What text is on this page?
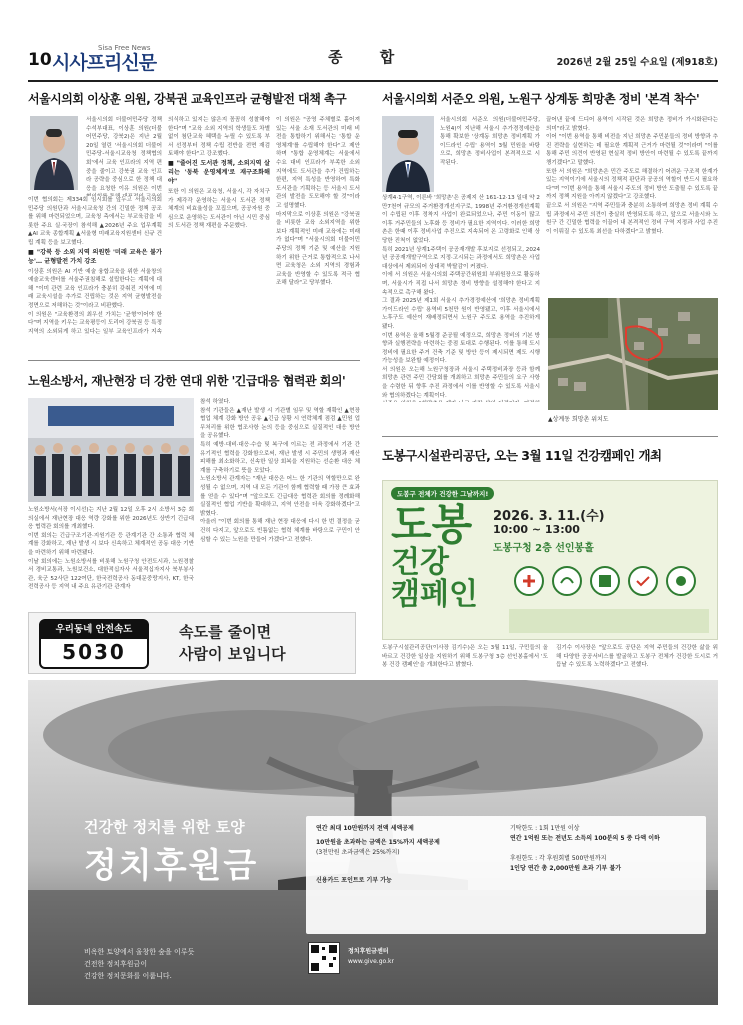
10 시사프리신문
Sisa Free News	종 합	2026년 2월 25일 수요일 (제918호)
서울시의회 이상훈 의원, 강북권 교육인프라 균형발전 대책 촉구
서울시의회 더불어민주당 정책수석부대표, 이상훈 의원(더불어민주당, 강북2)은 지난 2월 20일 열린 '서울시의회 더불어민주당-서울시교육청 정책협의회'에서 교육 인프라의 지역 편중을 줄이고 강북권 교육 인프라 공략을 중심으로 한 정책 대응을 요청한 이유 의원은 이번

이번 협의회는 제334회 임시회를 앞두고 서울시의회 민주당 의원단과 서울시교육청 간의 긴밀한 정책 공조를 위해 마련되었으며, 교육청 측에서는 부교육감을 비롯한 주요 실·국장이 참석해 ▲2026년 주요 업무계획 ▲AI 교육 종합계획 ▲서울형 미래교육지원센터 신규 건립 계획 등을 보고했다.

■ "강북 등 소외 지역 의원한 '미래 교육은 불가능'… 균형발전 가치 강조

이상훈 의원은 AI 기반 예술 융합교육을 위한 서울창의예술교육센터를 서울주권침해로 설립한다는 계획에 대해 "이미 관련 교육 인프라가 충분히 갖춰진 지역에 미래 교육시설을 추가로 건립하는 것은 지역 균형발전을 정면으로 저해하는 것"이라고 비판했다.

이 의원은 "교육환경의 최우선 가치는 '균형'이어야 한다"며 지역을 키우는 교육평등이 도리어 강북권 등 특정 지역의 소외되게 하고 있다는 일부 교육인프라가 지속

의식하고 있지는 않은지 꼼꼼히 성찰해야 한다"며 "교육 소외 지역의 학생들도 차별없이 첨단교육 혜택을 누릴 수 있도록 부서 선정부터 정책 수립 전반을 전면 재검토해야 한다"고 강조했다.

■ "줄어진 도서관 정책, 소외지역 살리는 '동북 운영체계'로 재구조화해야"

또한 이 의원은 교육청, 서울시, 각 자치구가 제각각 운영하는 서울시 도서관 정책 체계의 비효율성을 꼬집으며, 공공자원 중심으로 운영하는 도서관이 아닌 시민 중심의 도서관 정책 재편을 주문했다.

이 의원은 "공영 주체별로 흩어져 있는 서울 소재 도서관의 미래 비전을 통합하기 위해서는 '통합 운영체계'를 수립해야 한다"고 제안하며 "통합 운영체계는 서울에서 수요 대비 인프라가 부족한 소외 지역에도 도서관을 추가 건립하는 한편, 지역 특성을 반영하여 특화 도서관을 기획하는 등 서울시 도서관의 발전을 도모해야 할 것"이라고 설명했다.

마지막으로 이상훈 의원은 "강북권을 비롯한 교육 소외지역을 위한 보다 계획적인 미래 교육에는 미래가 없다"며 "서울시의회 더불어민주당의 정책 기준 및 예산을 지원하기 위한 근거로 통합적으로 나서면 교육청은 소외 지역의 경험과 교육을 반영할 수 있도록 적극 협조해 달라"고 당부했다.

서울시의회 서준오 의원, 노원구 상계동 희망촌 정비 '본격 착수'
서울시의회 서준오 의원(더불어민주당, 노원4)이 지난해 서울시 추가경정예산을 통해 확보한 '상계동 희망촌 정비계획 가이드라인 수립' 용역이 3월 민원을 바탕으로, 희망촌 정비사업이 본격적으로 시작된다.

상계4·1구역, 이른바 '희망촌'은 공제지 산 161-12·13 일대 약 2만7천여 규모의 주거환경개선지구로, 1998년 주거환경개선계획이 수립된 이후 정착지 사업이 완료되었으나, 주민 이동이 많고 이후 거주민들의 노후화 등 정비가 필요한 지역이다. 이러한 희망촌은 한때 이후 정비사업 추진으로 지속되어 온 고령화로 인해 상당한 진척이 없었다.

특히 2021년 상계1주택이 공공재개발 후보지로 선정되고, 2024년 공공재개발구역으로 지정·고시되는 과정에서도 희망촌은 사업 대상에서 제외되어 상대적 박탈감이 커졌다.

이에 서 의원은 서울시의회 주택공간위원회 부위원장으로 활동하며, 서울시가 직접 나서 희망촌 정비 방향을 설정해야 한다고 지속적으로 촉구해 왔다.

그 결과 2025년 제1회 서울시 추가경정예산에 '희망촌 정비계획 가이드라인 수립' 용역비 5천만 원이 반영됐고, 이후 서울시에서 노후구도 예산이 재배정되면서 노원구 주도로 용역을 추진하게 됐다.

이번 용역은 올해 5월경 준공될 예정으로, 희망촌 정비의 기본 방향과 실행전략을 마련하는 중점 토대로 수행된다. 이를 통해 도시정비에 필요한 주거 건축 기준 및 방안 등이 제시되면 제도 시행 가능성을 보완할 예정이다.

서 의원은 오는해 노원구청장과 서울시 주택정비과장 등과 함께 희망촌 관련 주민 간담회를 개최하고 희망촌 주민들의 요구 사항을 수렴한 뒤 향후 추진 과정에서 이를 반영할 수 있도록 서울시와 협의하겠다는 계획이다.

끌어낸 끝에 드디어 용역이 시작된 것은 희망촌 정비가 가시화된다는 의미"라고 밝혔다.

이어 "이번 용역을 통해 비전을 지닌 희망촌 주민분들의 정비 방향과 추진 전략을 실현하는 데 필요한 계획적 근거가 마련될 것"이라며 "이를 통해 주민 의견이 반영된 현실적 정비 방안이 마련될 수 있도록 끝까지 챙기겠다"고 말했다.

또한 서 의원은 "희망촌은 민간 주도로 해결하기 어려운 구조적 한계가 있는 지역이기에 서울시의 정책적 판단과 공공의 역할이 반드시 필요하다"며 "이번 용역을 통해 서울시 주도의 정비 방안 도출될 수 있도록 끝까지 정책 지원을 아끼지 않겠다"고 강조했다.

끝으로 서 의원은 "지역 주민들과 충분히 소통하며 희망촌 정비 계획 수립 과정에서 주민 의견이 충실히 반영되도록 하고, 앞으로 서울시와 노원구 간 긴밀한 협력을 이끌어 내 본격적인 정비 구역 지정과 사업 추진이 이뤄질 수 있도록 최선을 다하겠다"고 밝혔다.

▲상계동 희망촌 위치도
노원소방서, 재난현장 더 강한 연대 위한 '긴급대응 협력관 회의'

노원소방서(서장 이시선)는 지난 2월 12일 오후 2시 소방서 3층 회의실에서 재난현장 대응 역량 강화를 위한 2026년도 상반기 긴급대응 협력관 회의를 개최했다.

이번 회의는 긴급구조기관·지원기관 등 관계기관 간 소통과 협력 체계를 강화하고, 재난 발생 시 보다 신속하고 체계적인 공동 대응 기반을 마련하기 위해 마련됐다.

이날 회의에는 노원소방서를 비롯해 노원구청 안전도시과, 노원경찰서 경비교통과, 노원보건소, 대한적십자사 서울적십자지사 북부봉사관, 육군 52사단 122여단, 한국전력공사 동대문중랑지사, KT, 한국전력공사 등 지역 내 주요 유관기관 관계자

참석 하였다.

참석 기관들은 ▲재난 발생 시 기관별 임무 및 역할 재확인 ▲현장 협업 체계 강화 방안 공유 ▲긴급 상황 시 연락체계 점검 ▲민원 업무처리를 위한 협조사항 논의 등을 중심으로 실질적인 대응 방안을 공유했다.

특히 예방·대비·대응·수습 및 복구에 이르는 전 과정에서 기관 간 유기적인 협력을 강화함으로써, 재난 발생 시 주민의 생명과 재산 피해를 최소화하고, 신속한 일상 회복을 지원하는 선순환 대응 체계를 구축하기로 뜻을 모았다.

노원소방서 관계자는 "재난 대응은 어느 한 기관의 역할만으로 완성될 수 없으며, 지역 내 모든 기관이 함께 협력할 때 가장 큰 효과를 얻을 수 있다"며 "앞으로도 긴급대응 협력관 회의를 정례화해 실질적인 협업 기반을 확대하고, 지역 안전을 더욱 강화하겠다"고 밝혔다.

아울러 "이번 회의를 통해 재난 현장 대응에 다시 한 번 결정을 굳건히 다지고, 앞으로도 빈틈없는 협력 체계를 바탕으로 구민이 안심할 수 있는 노원을 만들어 가겠다"고 전했다.

우리동네 안전속도
5030
속도를 줄이면
사람이 보입니다
도봉구시설관리공단, 오는 3월 11일 건강캠페인 개최
도봉구 전체가 건강한 그날까지!
도봉
건강
캠페인
2026. 3. 11.(수)
10:00 ~ 13:00
도봉구청 2층 선인봉홀

도봉구시설관리공단(이사장 김기수)은 오는 3월 11일, 구민들의 올바르고 건강한 일상을 지원하기 위해 도봉구청 3층 선인봉홀에서 '도봉 건강 캠페인'을 개최한다고 밝혔다.

김기수 이사장은 "앞으로도 공단은 지역 주민들의 건강한 삶을 위해 다양한 공공서비스를 발굴하고 도봉구 전체가 건강한 도시로 거듭날 수 있도록 노력하겠다"고 전했다.

건강한 정치를 위한 토양
정치후원금
비옥한 토양에서 울창한 숲을 이루듯
건전한 정치후원금이
건강한 정치문화를 이룹니다.
연간 최대 10만원까지 전액 세액공제
10만원을 초과하는 금액은 15%까지 세액공제
(3천만원 초과금액은 25%까지)
신용카드 포인트로 기부 가능
기탁한도 : 1회 1만원 이상
연간 1억원 또는 전년도 소득의 100분의 5 중 다액 이하
후원한도 : 각 후원회별 500만원까지
1인당 연간 총 2,000만원 초과 기부 불가
정치후원금센터
www.give.go.kr
